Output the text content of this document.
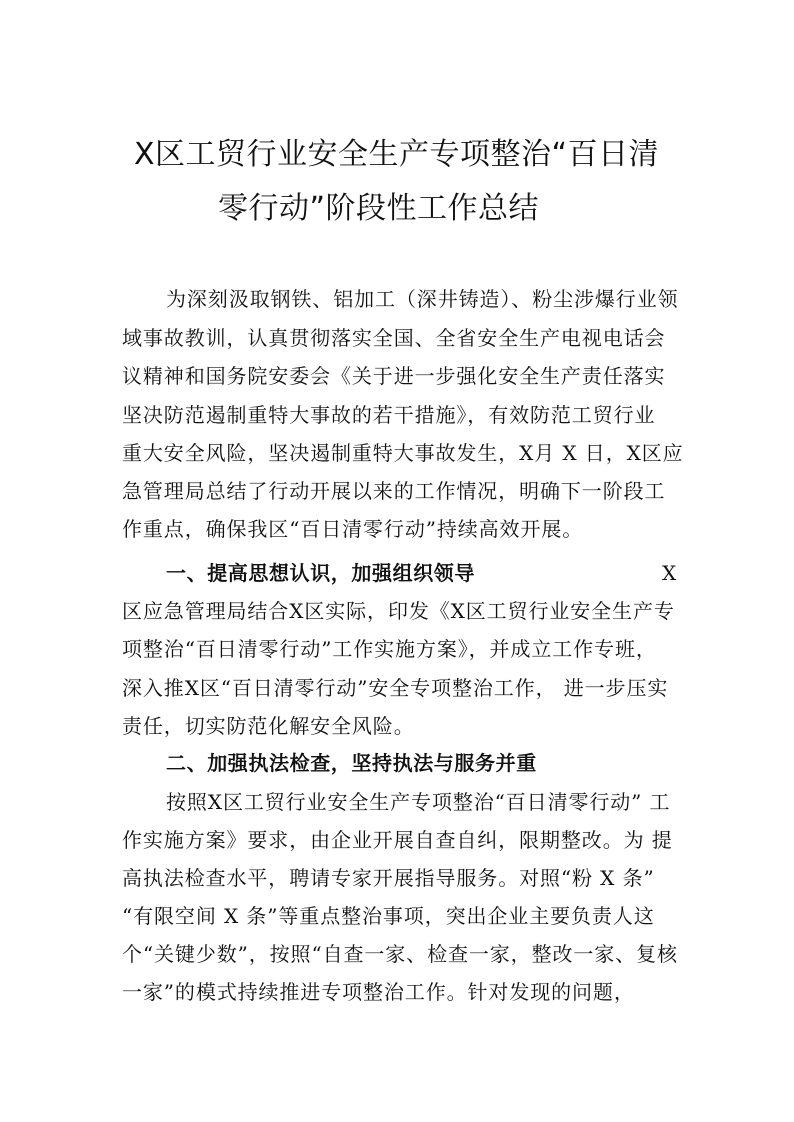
X区工贸行业安全生产专项整治“百日清
零行动”阶段性工作总结
为深刻汲取钢铁、铝加工（深井铸造）、粉尘涉爆行业领
域事故教训，认真贯彻落实全国、全省安全生产电视电话会
议精神和国务院安委会《关于进一步强化安全生产责任落实
坚决防范遏制重特大事故的若干措施》，有效防范工贸行业
重大安全风险，坚决遏制重特大事故发生，X月 X 日，X区应
急管理局总结了行动开展以来的工作情况，明确下一阶段工
作重点，确保我区“百日清零行动”持续高效开展。
一、提高思想认识，加强组织领导	X
区应急管理局结合X区实际，印发《X区工贸行业安全生产专
项整治“百日清零行动”工作实施方案》，并成立工作专班，
深入推X区“百日清零行动”安全专项整治工作， 进一步压实
责任，切实防范化解安全风险。
二、加强执法检查，坚持执法与服务并重
按照X区工贸行业安全生产专项整治“百日清零行动” 工
作实施方案》要求，由企业开展自查自纠，限期整改。为 提
高执法检查水平，聘请专家开展指导服务。对照“粉 X 条”
“有限空间 X 条”等重点整治事项，突出企业主要负责人这
个“关键少数”，按照“自查一家、检查一家，整改一家、复核
一家”的模式持续推进专项整治工作。针对发现的问题，
